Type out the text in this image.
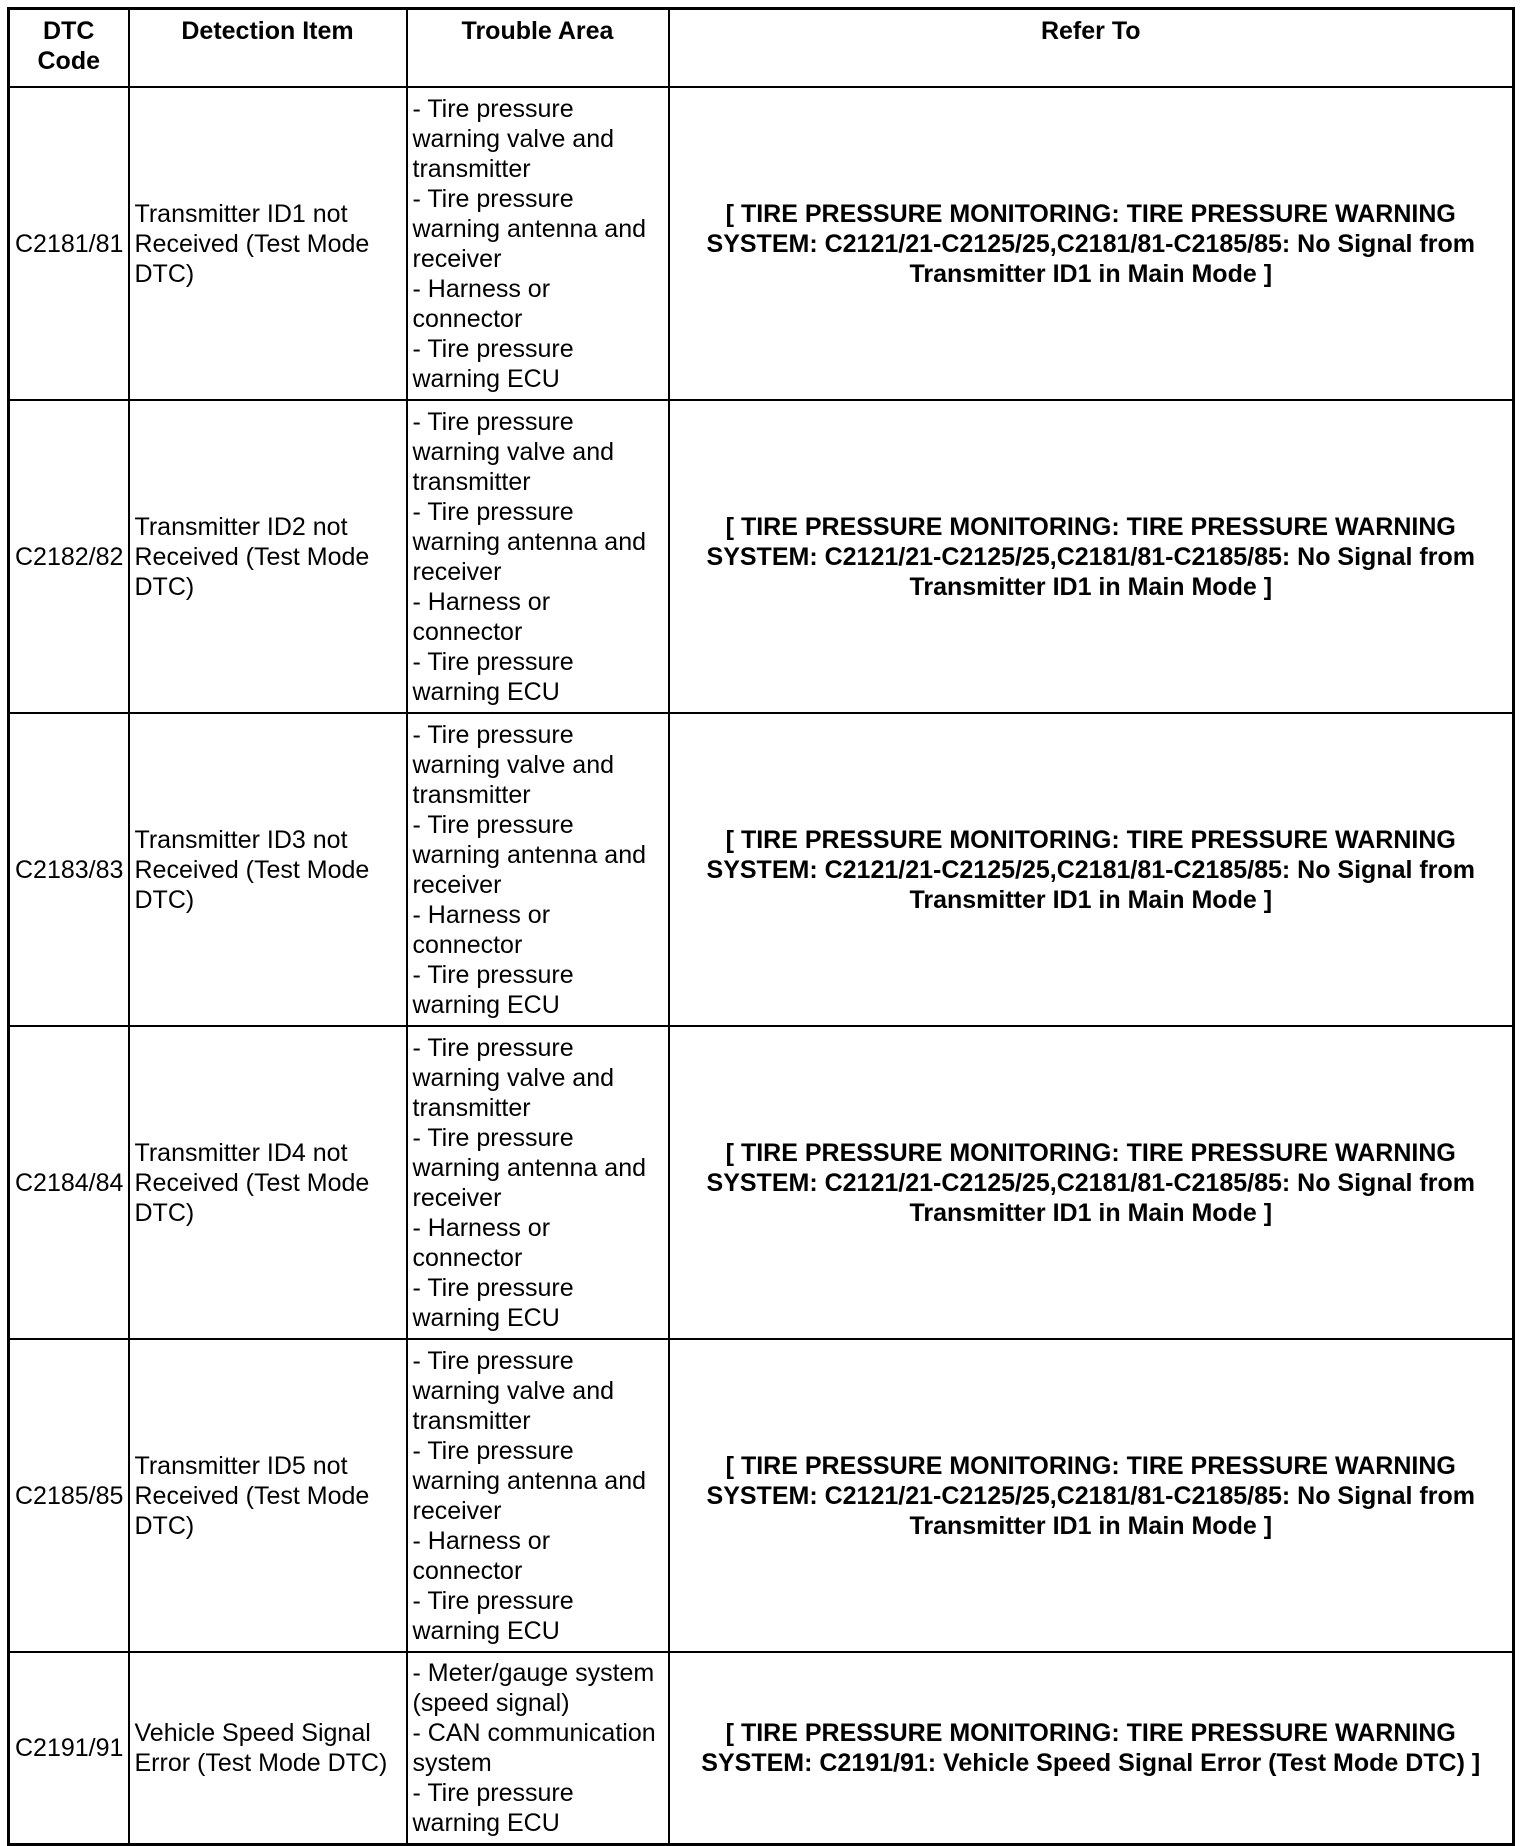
DTC
Code	Detection Item	Trouble Area	Refer To
C2181/81	Transmitter ID1 not Received (Test Mode DTC)	- Tire pressure warning valve and transmitter
- Tire pressure warning antenna and receiver
- Harness or connector
- Tire pressure warning ECU	[ TIRE PRESSURE MONITORING: TIRE PRESSURE WARNING SYSTEM: C2121/21-C2125/25,C2181/81-C2185/85: No Signal from Transmitter ID1 in Main Mode ]
C2182/82	Transmitter ID2 not Received (Test Mode DTC)	- Tire pressure warning valve and transmitter
- Tire pressure warning antenna and receiver
- Harness or connector
- Tire pressure warning ECU	[ TIRE PRESSURE MONITORING: TIRE PRESSURE WARNING SYSTEM: C2121/21-C2125/25,C2181/81-C2185/85: No Signal from Transmitter ID1 in Main Mode ]
C2183/83	Transmitter ID3 not Received (Test Mode DTC)	- Tire pressure warning valve and transmitter
- Tire pressure warning antenna and receiver
- Harness or connector
- Tire pressure warning ECU	[ TIRE PRESSURE MONITORING: TIRE PRESSURE WARNING SYSTEM: C2121/21-C2125/25,C2181/81-C2185/85: No Signal from Transmitter ID1 in Main Mode ]
C2184/84	Transmitter ID4 not Received (Test Mode DTC)	- Tire pressure warning valve and transmitter
- Tire pressure warning antenna and receiver
- Harness or connector
- Tire pressure warning ECU	[ TIRE PRESSURE MONITORING: TIRE PRESSURE WARNING SYSTEM: C2121/21-C2125/25,C2181/81-C2185/85: No Signal from Transmitter ID1 in Main Mode ]
C2185/85	Transmitter ID5 not Received (Test Mode DTC)	- Tire pressure warning valve and transmitter
- Tire pressure warning antenna and receiver
- Harness or connector
- Tire pressure warning ECU	[ TIRE PRESSURE MONITORING: TIRE PRESSURE WARNING SYSTEM: C2121/21-C2125/25,C2181/81-C2185/85: No Signal from Transmitter ID1 in Main Mode ]
C2191/91	Vehicle Speed Signal Error (Test Mode DTC)	- Meter/gauge system (speed signal)
- CAN communication system
- Tire pressure warning ECU	[ TIRE PRESSURE MONITORING: TIRE PRESSURE WARNING SYSTEM: C2191/91: Vehicle Speed Signal Error (Test Mode DTC) ]
